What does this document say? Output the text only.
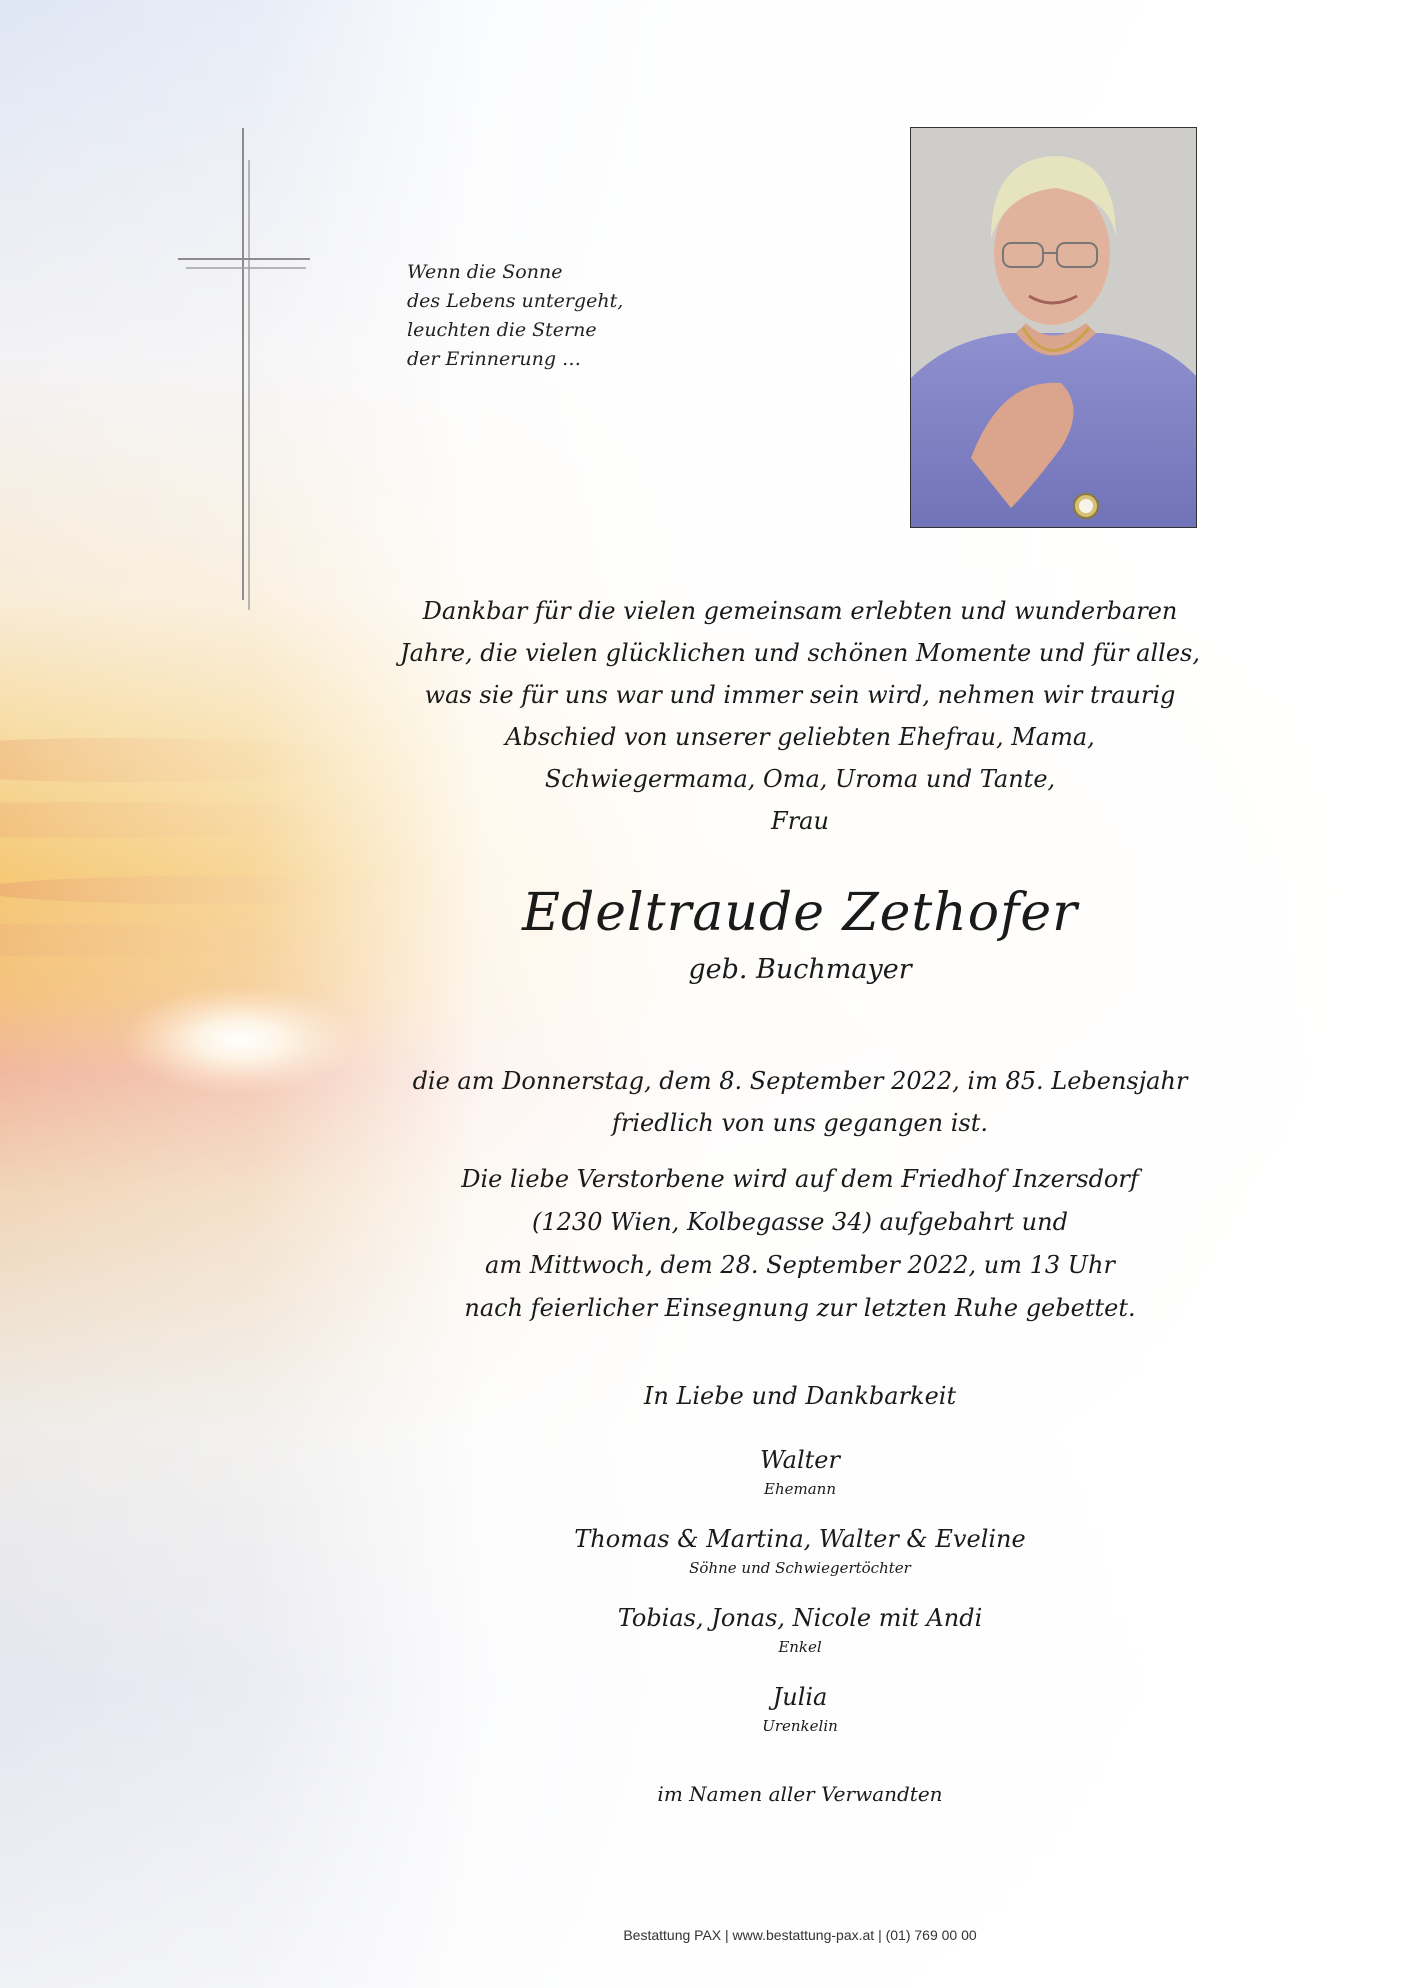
Wenn die Sonne
des Lebens untergeht,
leuchten die Sterne
der Erinnerung …
Dankbar für die vielen gemeinsam erlebten und wunderbaren
Jahre, die vielen glücklichen und schönen Momente und für alles,
was sie für uns war und immer sein wird, nehmen wir traurig
Abschied von unserer geliebten Ehefrau, Mama,
Schwiegermama, Oma, Uroma und Tante,
Frau
Edeltraude Zethofer
geb. Buchmayer
die am Donnerstag, dem 8. September 2022, im 85. Lebensjahr
friedlich von uns gegangen ist.
Die liebe Verstorbene wird auf dem Friedhof Inzersdorf
(1230 Wien, Kolbegasse 34) aufgebahrt und
am Mittwoch, dem 28. September 2022, um 13 Uhr
nach feierlicher Einsegnung zur letzten Ruhe gebettet.
In Liebe und Dankbarkeit
Walter
Ehemann
Thomas & Martina, Walter & Eveline
Söhne und Schwiegertöchter
Tobias, Jonas, Nicole mit Andi
Enkel
Julia
Urenkelin
im Namen aller Verwandten
Bestattung PAX | www.bestattung-pax.at | (01) 769 00 00
